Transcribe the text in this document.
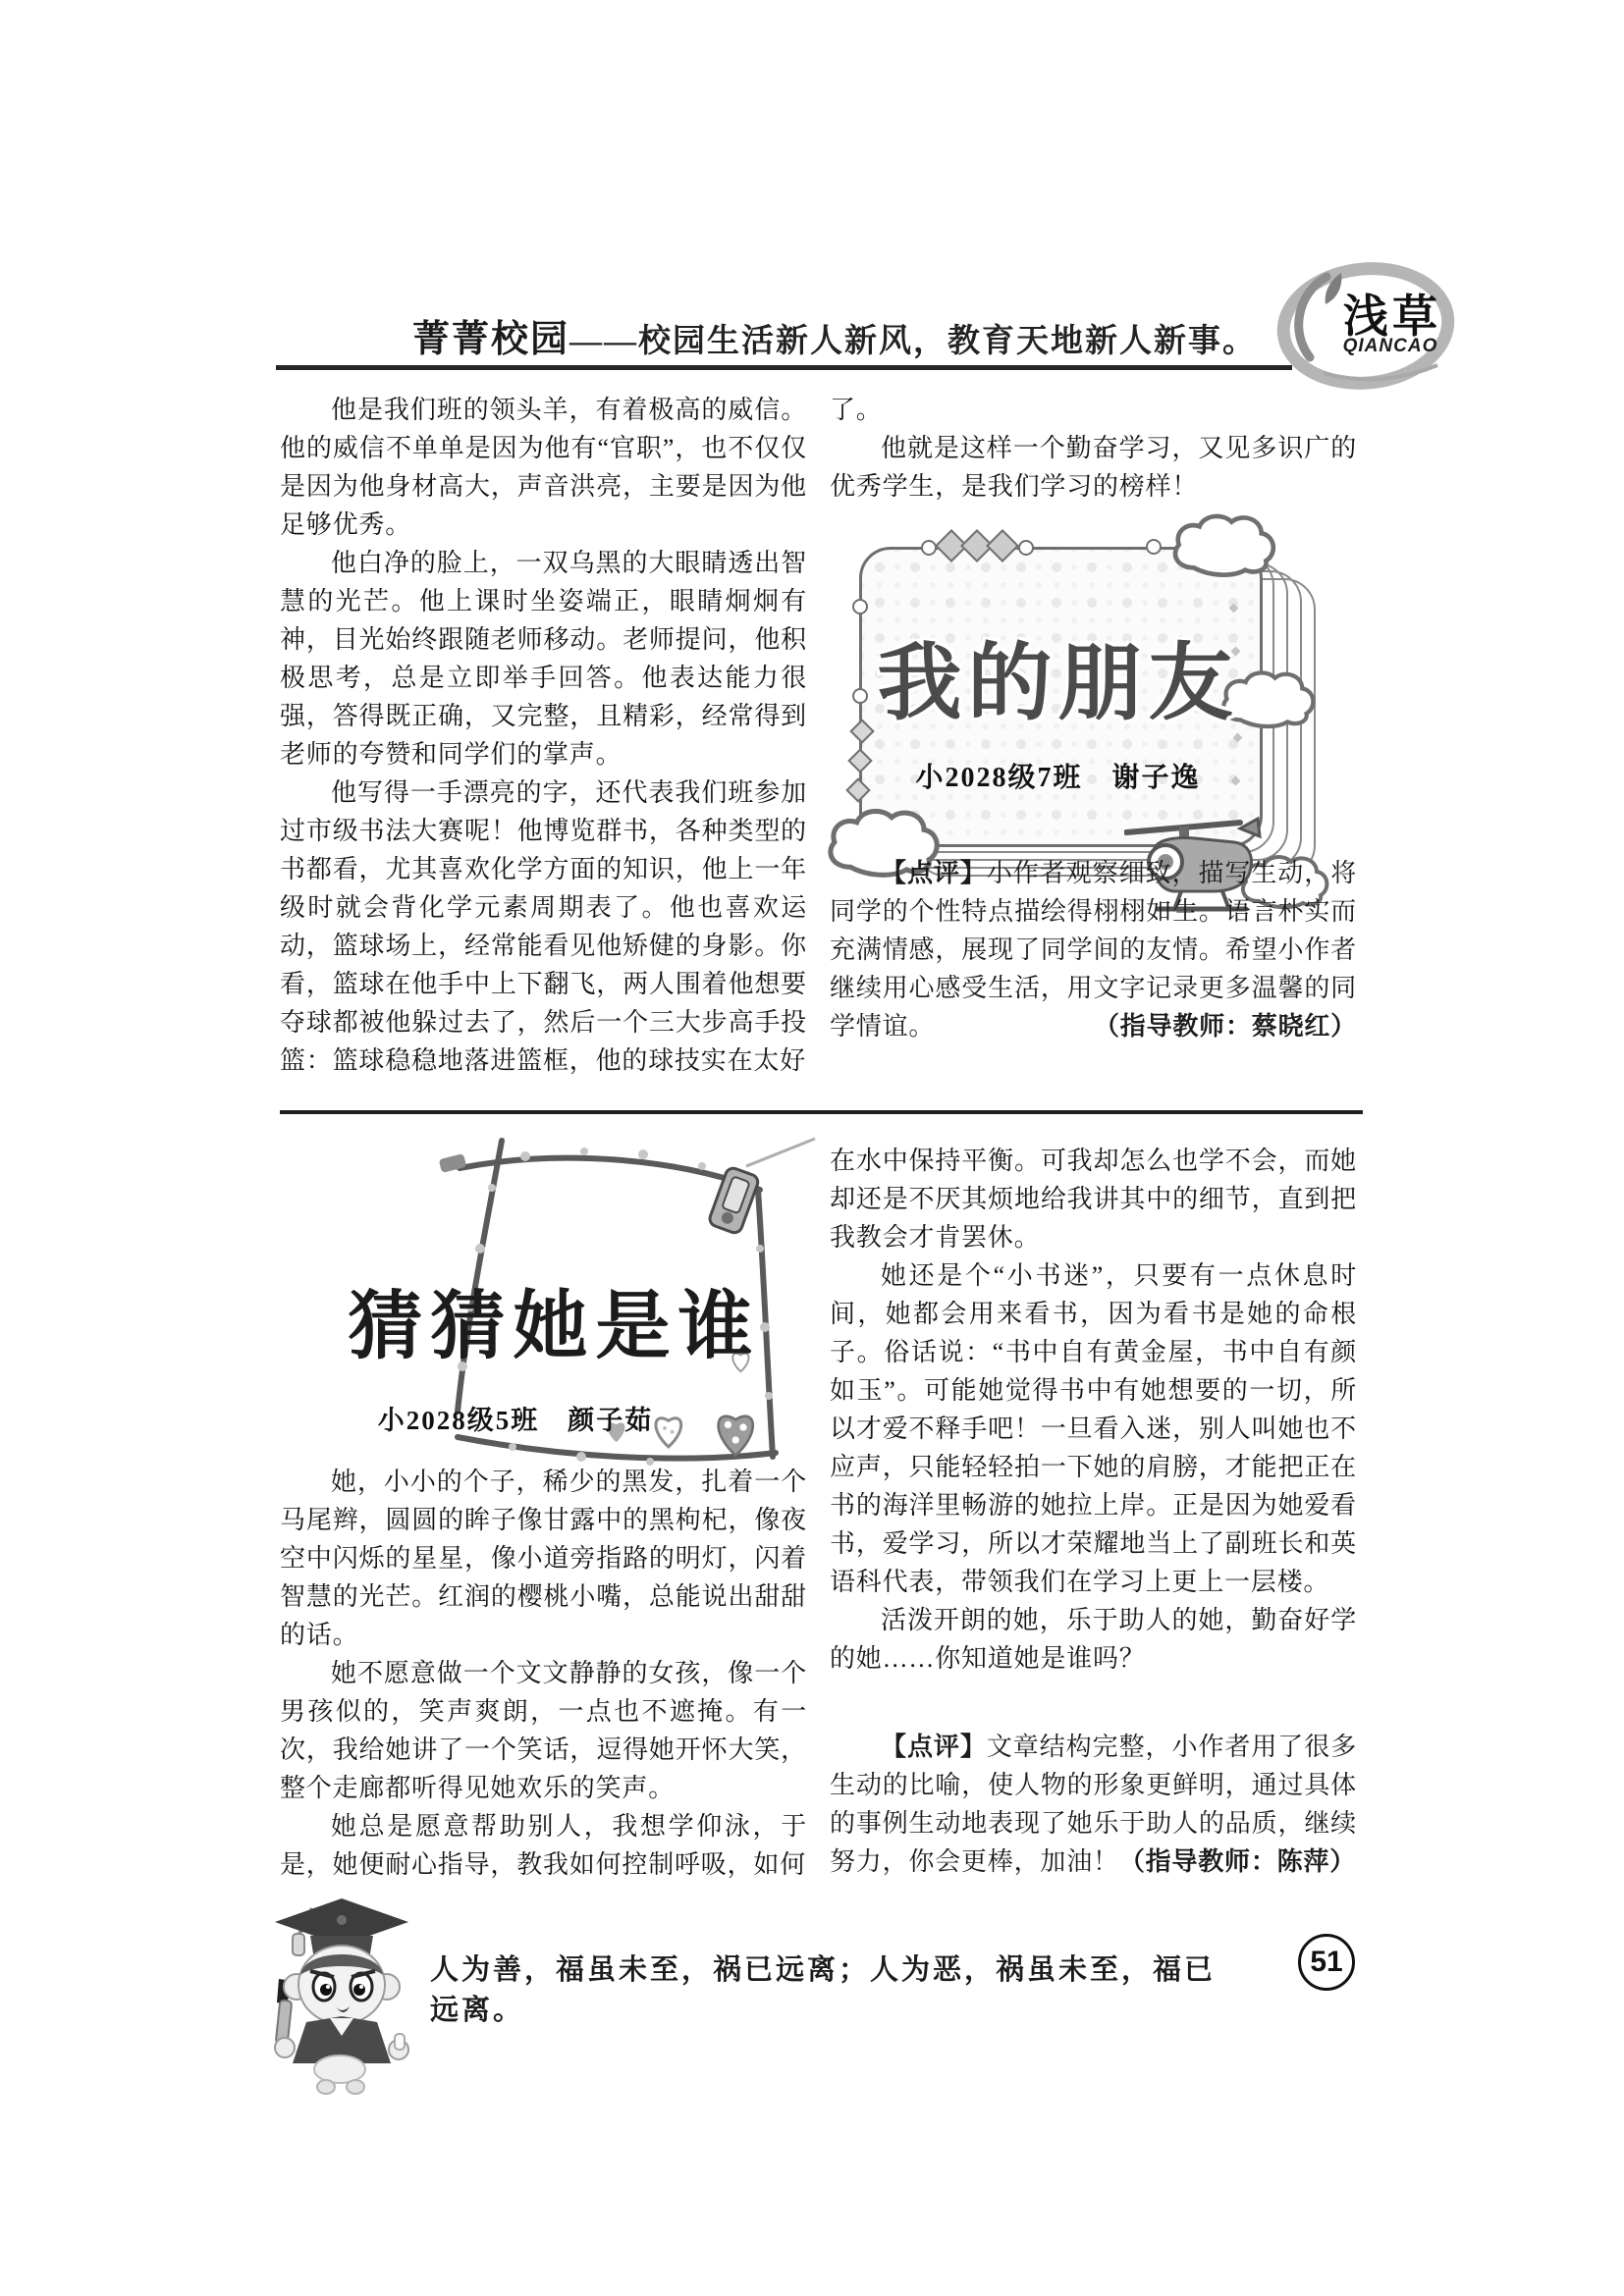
菁菁校园——校园生活新人新风，教育天地新人新事。 浅草
QIANCAO

他是我们班的领头羊，有着极高的威信。他的威信不单单是因为他有“官职”，也不仅仅是因为他身材高大，声音洪亮，主要是因为他足够优秀。

他白净的脸上，一双乌黑的大眼睛透出智慧的光芒。他上课时坐姿端正，眼睛炯炯有神，目光始终跟随老师移动。老师提问，他积极思考，总是立即举手回答。他表达能力很强，答得既正确，又完整，且精彩，经常得到老师的夸赞和同学们的掌声。

他写得一手漂亮的字，还代表我们班参加过市级书法大赛呢！他博览群书，各种类型的书都看，尤其喜欢化学方面的知识，他上一年级时就会背化学元素周期表了。他也喜欢运动，篮球场上，经常能看见他矫健的身影。你看，篮球在他手中上下翻飞，两人围着他想要夺球都被他躲过去了，然后一个三大步高手投篮：篮球稳稳地落进篮框，他的球技实在太好

了。

他就是这样一个勤奋学习，又见多识广的优秀学生，是我们学习的榜样！

我的朋友
小2028级7班　谢子逸

【点评】小作者观察细致，描写生动，将同学的个性特点描绘得栩栩如生。语言朴实而充满情感，展现了同学间的友情。希望小作者继续用心感受生活，用文字记录更多温馨的同学情谊。	（指导教师：蔡晓红）

猜猜她是谁
小2028级5班　颜子茹

她，小小的个子，稀少的黑发，扎着一个马尾辫，圆圆的眸子像甘露中的黑枸杞，像夜空中闪烁的星星，像小道旁指路的明灯，闪着智慧的光芒。红润的樱桃小嘴，总能说出甜甜的话。

她不愿意做一个文文静静的女孩，像一个男孩似的，笑声爽朗，一点也不遮掩。有一次，我给她讲了一个笑话，逗得她开怀大笑，整个走廊都听得见她欢乐的笑声。

她总是愿意帮助别人，我想学仰泳，于是，她便耐心指导，教我如何控制呼吸，如何

在水中保持平衡。可我却怎么也学不会，而她却还是不厌其烦地给我讲其中的细节，直到把我教会才肯罢休。

她还是个“小书迷”，只要有一点休息时间，她都会用来看书，因为看书是她的命根子。俗话说：“书中自有黄金屋，书中自有颜如玉”。可能她觉得书中有她想要的一切，所以才爱不释手吧！一旦看入迷，别人叫她也不应声，只能轻轻拍一下她的肩膀，才能把正在书的海洋里畅游的她拉上岸。正是因为她爱看书，爱学习，所以才荣耀地当上了副班长和英语科代表，带领我们在学习上更上一层楼。

活泼开朗的她，乐于助人的她，勤奋好学的她……你知道她是谁吗？

【点评】文章结构完整，小作者用了很多生动的比喻，使人物的形象更鲜明，通过具体的事例生动地表现了她乐于助人的品质，继续努力，你会更棒，加油！（指导教师：陈萍）

人为善，福虽未至，祸已远离；人为恶，祸虽未至，福已远离。
51
